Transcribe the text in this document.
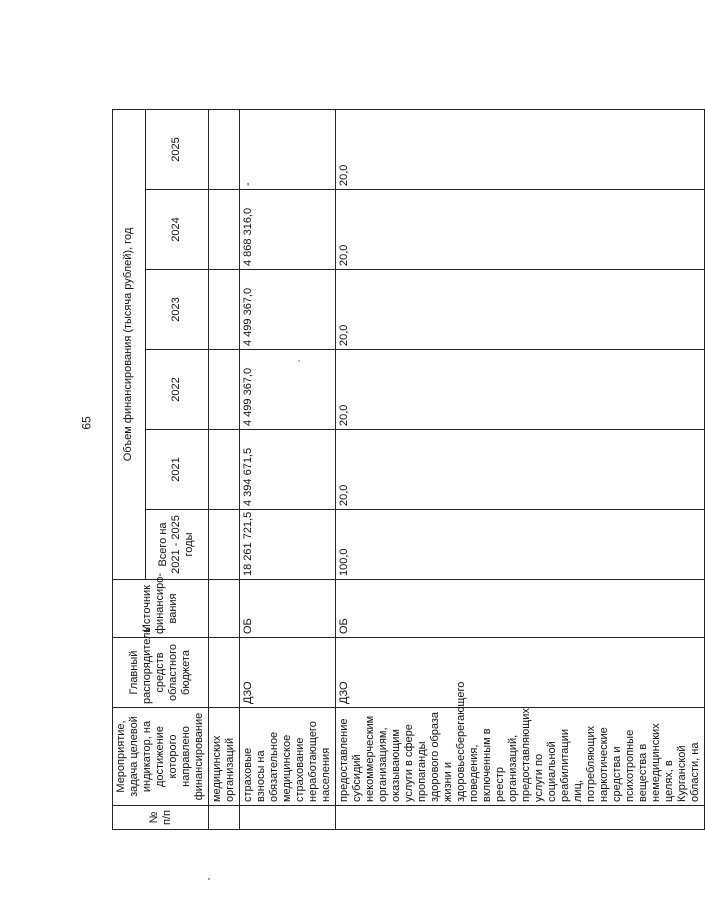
65
№ п/п	Мероприятие, задача целевой индикатор, на достижение которого направлено финансирование	Главный распорядитель средств областного бюджета	Источник финансиро-вания	Объем финансирования (тысяча рублей), год					
				Всего на 2021 - 2025 годы	2021	2022	2023	2024	2025
	медицинских организаций								
	страховые взносы на обязательное медицинское страхование неработающего населения	ДЗО	ОБ	18 261 721,5	4 394 671,5	4 499 367,0	4 499 367,0	4 868 316,0	-
	предоставление субсидий некоммерческим организациям, оказывающим услуги в сфере пропаганды здорового образа жизни и здоровьесберегающего поведения, включенным в реестр организаций, предоставляющих услуги по социальной реабилитации лиц, потребляющих наркотические средства и психотропные вещества в немедицинских целях, в Курганской области, на	ДЗО	ОБ	100,0	20,0	20,0	20,0	20,0	20,0
